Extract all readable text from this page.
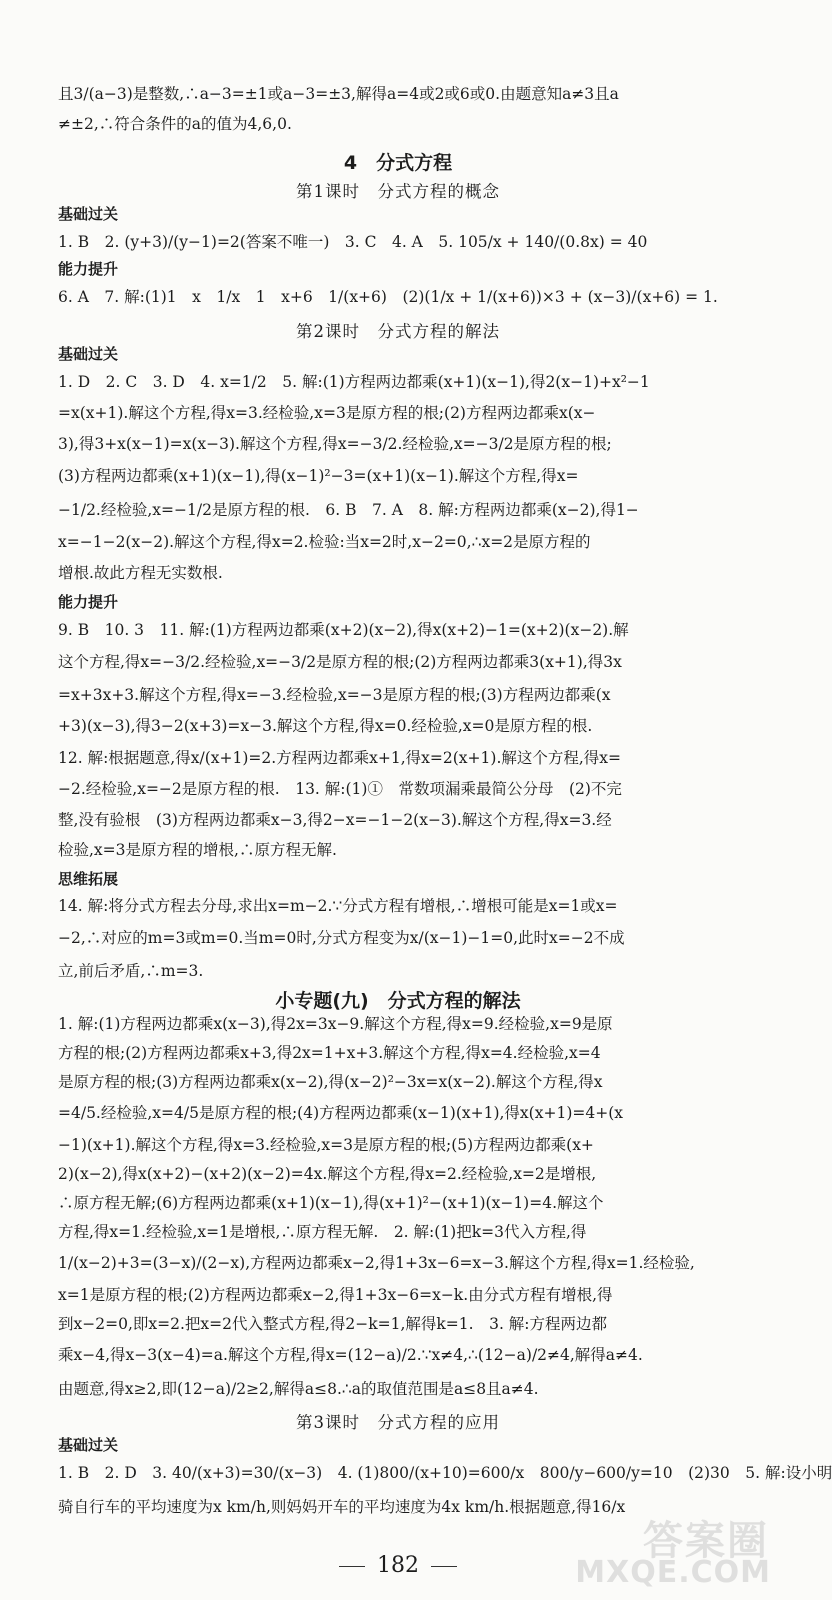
且3/(a−3)是整数,∴a−3=±1或a−3=±3,解得a=4或2或6或0.由题意知a≠3且a
≠±2,∴符合条件的a的值为4,6,0.
4　分式方程
第1课时　分式方程的概念
基础过关
1. B　2. (y+3)/(y−1)=2(答案不唯一)　3. C　4. A　5. 105/x + 140/(0.8x) = 40
能力提升
6. A　7. 解:(1)1　x　1/x　1　x+6　1/(x+6)　(2)(1/x + 1/(x+6))×3 + (x−3)/(x+6) = 1.
第2课时　分式方程的解法
基础过关
1. D　2. C　3. D　4. x=1/2　5. 解:(1)方程两边都乘(x+1)(x−1),得2(x−1)+x²−1
=x(x+1).解这个方程,得x=3.经检验,x=3是原方程的根;(2)方程两边都乘x(x−
3),得3+x(x−1)=x(x−3).解这个方程,得x=−3/2.经检验,x=−3/2是原方程的根;
(3)方程两边都乘(x+1)(x−1),得(x−1)²−3=(x+1)(x−1).解这个方程,得x=
−1/2.经检验,x=−1/2是原方程的根.　6. B　7. A　8. 解:方程两边都乘(x−2),得1−
x=−1−2(x−2).解这个方程,得x=2.检验:当x=2时,x−2=0,∴x=2是原方程的
增根.故此方程无实数根.
能力提升
9. B　10. 3　11. 解:(1)方程两边都乘(x+2)(x−2),得x(x+2)−1=(x+2)(x−2).解
这个方程,得x=−3/2.经检验,x=−3/2是原方程的根;(2)方程两边都乘3(x+1),得3x
=x+3x+3.解这个方程,得x=−3.经检验,x=−3是原方程的根;(3)方程两边都乘(x
+3)(x−3),得3−2(x+3)=x−3.解这个方程,得x=0.经检验,x=0是原方程的根.
12. 解:根据题意,得x/(x+1)=2.方程两边都乘x+1,得x=2(x+1).解这个方程,得x=
−2.经检验,x=−2是原方程的根.　13. 解:(1)①　常数项漏乘最简公分母　(2)不完
整,没有验根　(3)方程两边都乘x−3,得2−x=−1−2(x−3).解这个方程,得x=3.经
检验,x=3是原方程的增根,∴原方程无解.
思维拓展
14. 解:将分式方程去分母,求出x=m−2.∵分式方程有增根,∴增根可能是x=1或x=
−2,∴对应的m=3或m=0.当m=0时,分式方程变为x/(x−1)−1=0,此时x=−2不成
立,前后矛盾,∴m=3.
小专题(九)　分式方程的解法
1. 解:(1)方程两边都乘x(x−3),得2x=3x−9.解这个方程,得x=9.经检验,x=9是原
方程的根;(2)方程两边都乘x+3,得2x=1+x+3.解这个方程,得x=4.经检验,x=4
是原方程的根;(3)方程两边都乘x(x−2),得(x−2)²−3x=x(x−2).解这个方程,得x
=4/5.经检验,x=4/5是原方程的根;(4)方程两边都乘(x−1)(x+1),得x(x+1)=4+(x
−1)(x+1).解这个方程,得x=3.经检验,x=3是原方程的根;(5)方程两边都乘(x+
2)(x−2),得x(x+2)−(x+2)(x−2)=4x.解这个方程,得x=2.经检验,x=2是增根,
∴原方程无解;(6)方程两边都乘(x+1)(x−1),得(x+1)²−(x+1)(x−1)=4.解这个
方程,得x=1.经检验,x=1是增根,∴原方程无解.　2. 解:(1)把k=3代入方程,得
1/(x−2)+3=(3−x)/(2−x),方程两边都乘x−2,得1+3x−6=x−3.解这个方程,得x=1.经检验,
x=1是原方程的根;(2)方程两边都乘x−2,得1+3x−6=x−k.由分式方程有增根,得
到x−2=0,即x=2.把x=2代入整式方程,得2−k=1,解得k=1.　3. 解:方程两边都
乘x−4,得x−3(x−4)=a.解这个方程,得x=(12−a)/2.∵x≠4,∴(12−a)/2≠4,解得a≠4.
由题意,得x≥2,即(12−a)/2≥2,解得a≤8.∴a的取值范围是a≤8且a≠4.
第3课时　分式方程的应用
基础过关
1. B　2. D　3. 40/(x+3)=30/(x−3)　4. (1)800/(x+10)=600/x　800/y−600/y=10　(2)30　5. 解:设小明
骑自行车的平均速度为x km/h,则妈妈开车的平均速度为4x km/h.根据题意,得16/x
182
答案圈
MXQE.COM
